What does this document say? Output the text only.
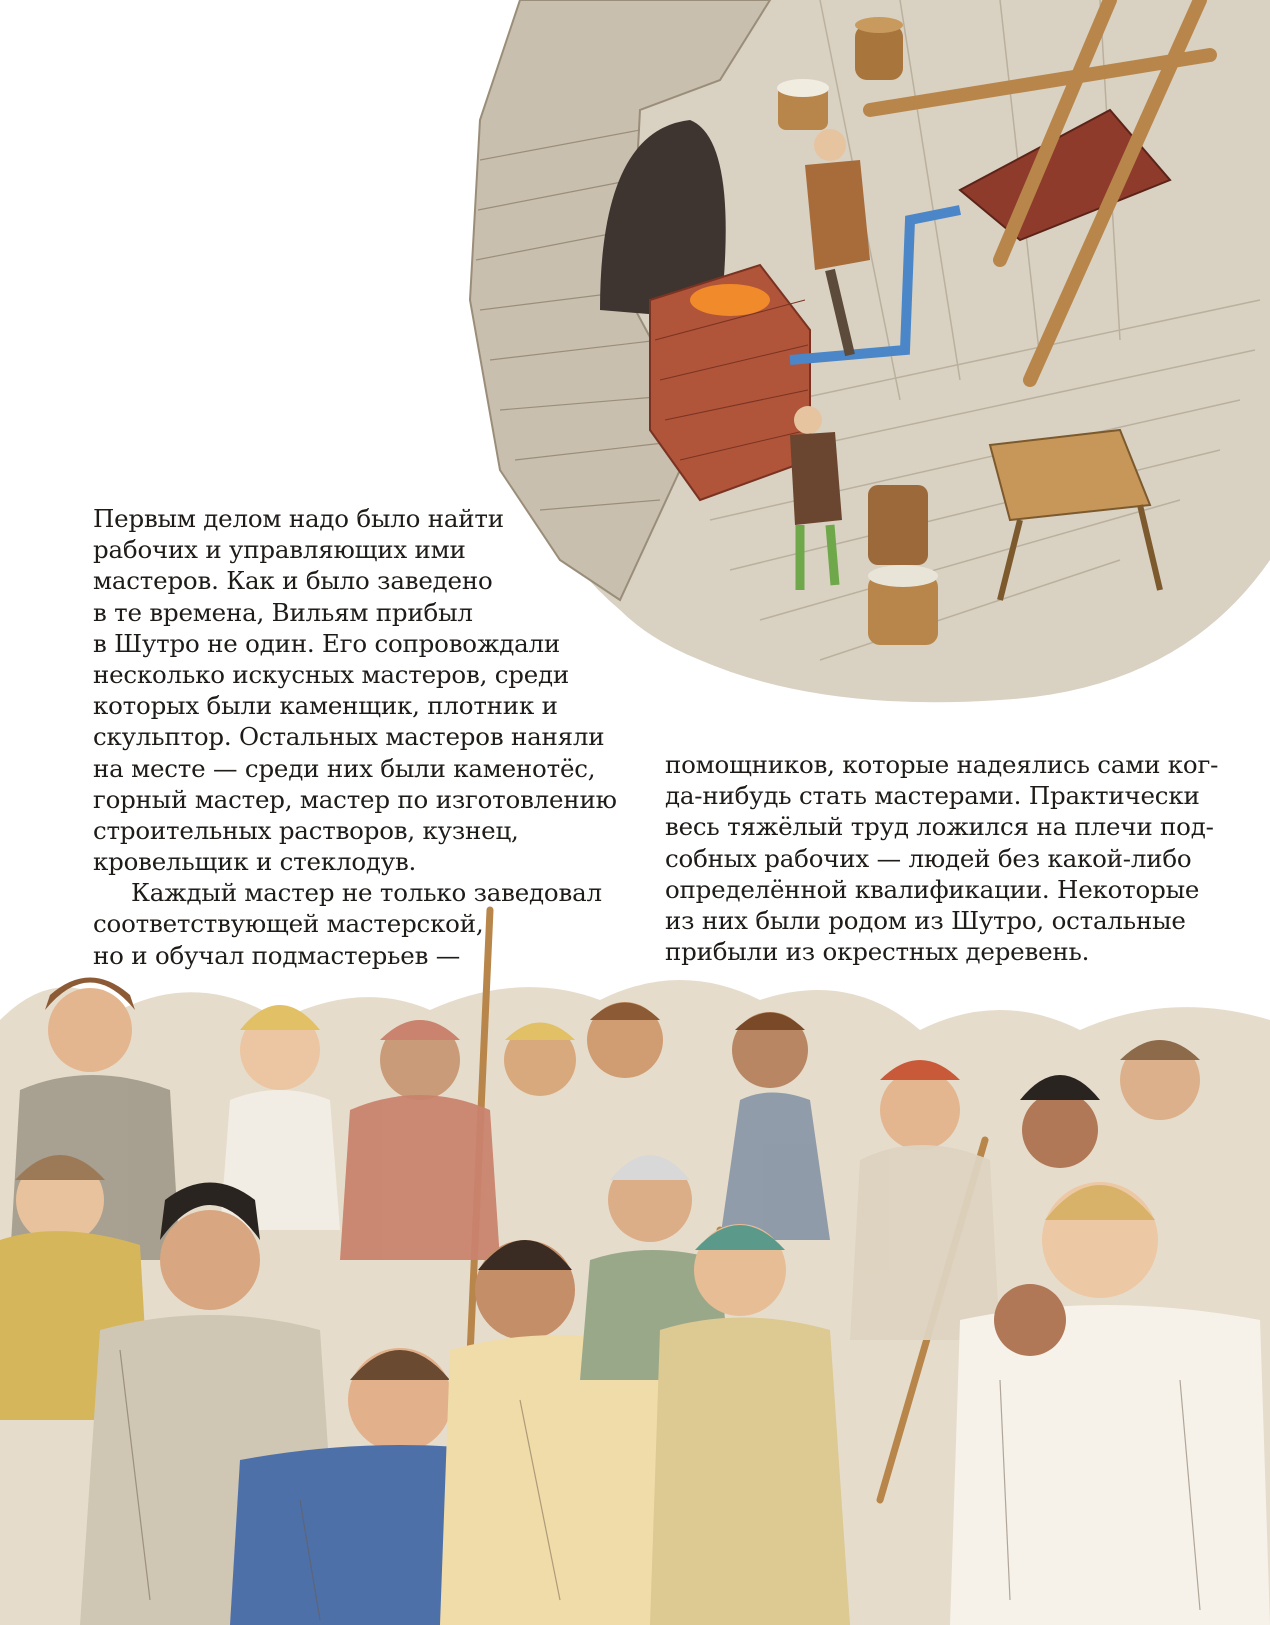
Первым делом надо было найти
рабочих и управляющих ими
мастеров. Как и было заведено
в те времена, Вильям прибыл
в Шутро не один. Его сопровождали
несколько искусных мастеров, среди
которых были каменщик, плотник и
скульптор. Остальных мастеров наняли
на месте — среди них были каменотёс,
горный мастер, мастер по изготовлению
строительных растворов, кузнец,
кровельщик и стеклодув.
Каждый мастер не только заведовал
соответствующей мастерской,
но и обучал подмастерьев —
помощников, которые надеялись сами ког-
да-нибудь стать мастерами. Практически
весь тяжёлый труд ложился на плечи под-
собных рабочих — людей без какой-либо
определённой квалификации. Некоторые
из них были родом из Шутро, остальные
прибыли из окрестных деревень.
